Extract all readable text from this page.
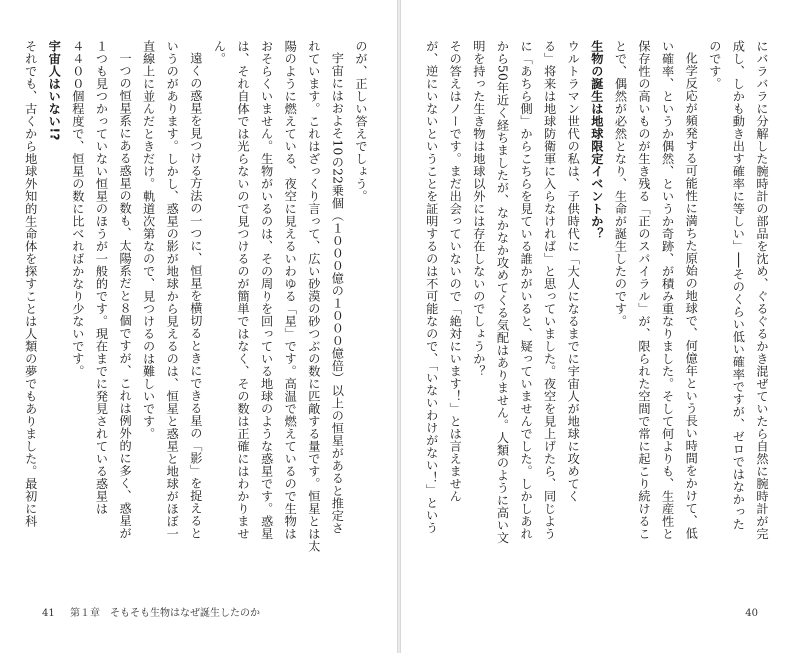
のが、正しい答えでしょう。
宇宙にはおよそ10の22乗個（１０００億の１０００億倍）以上の恒星があると推定さ
れています。これはざっくり言って、広い砂漠の砂つぶの数に匹敵する量です。恒星とは太
陽のように燃えている、夜空に見えるいわゆる「星」です。高温で燃えているので生物は
おそらくいません。生物がいるのは、その周りを回っている地球のような惑星です。惑星
は、それ自体では光らないので見つけるのが簡単ではなく、その数は正確にはわかりませ
ん。
遠くの惑星を見つける方法の一つに、恒星を横切るときにできる星の「影」を捉えると
いうのがあります。しかし、惑星の影が地球から見えるのは、恒星と惑星と地球がほぼ一
直線上に並んだときだけ。軌道次第なので、見つけるのは難しいです。
一つの恒星系にある惑星の数も、太陽系だと８個ですが、これは例外的に多く、惑星が
１つも見つかっていない恒星のほうが一般的です。現在までに発見されている惑星は
４４００個程度で、恒星の数に比べればかなり少ないです。
宇宙人はいない!?
それでも、古くから地球外知的生命体を探すことは人類の夢でもありました。最初に科
41 第１章　そもそも生物はなぜ誕生したのか
にバラバラに分解した腕時計の部品を沈め、ぐるぐるかき混ぜていたら自然に腕時計が完
成し、しかも動き出す確率に等しい」──そのくらい低い確率ですが、ゼロではなかった
のです。
化学反応が頻発する可能性に満ちた原始の地球で、何億年という長い時間をかけて、低
い確率、というか偶然、というか奇跡、が積み重なりました。そして何よりも、生産性と
保存性の高いものが生き残る「正のスパイラル」が、限られた空間で常に起こり続けるこ
とで、偶然が必然となり、生命が誕生したのです。
生物の誕生は地球限定イベントか？
ウルトラマン世代の私は、子供時代に「大人になるまでに宇宙人が地球に攻めてく
る」将来は地球防衛軍に入らなければ」と思っていました。夜空を見上げたら、同じよう
に「あちら側」からこちらを見ている誰かがいると、疑っていませんでした。しかしあれ
から50年近く経ちましたが、なかなか攻めてくる気配はありません。人類のように高い文
明を持った生き物は地球以外には存在しないのでしょうか？
その答えはノーです。まだ出会っていないので「絶対にいます！」とは言えません
が、逆にいないということを証明するのは不可能なので、「いないわけがない！」という
40
